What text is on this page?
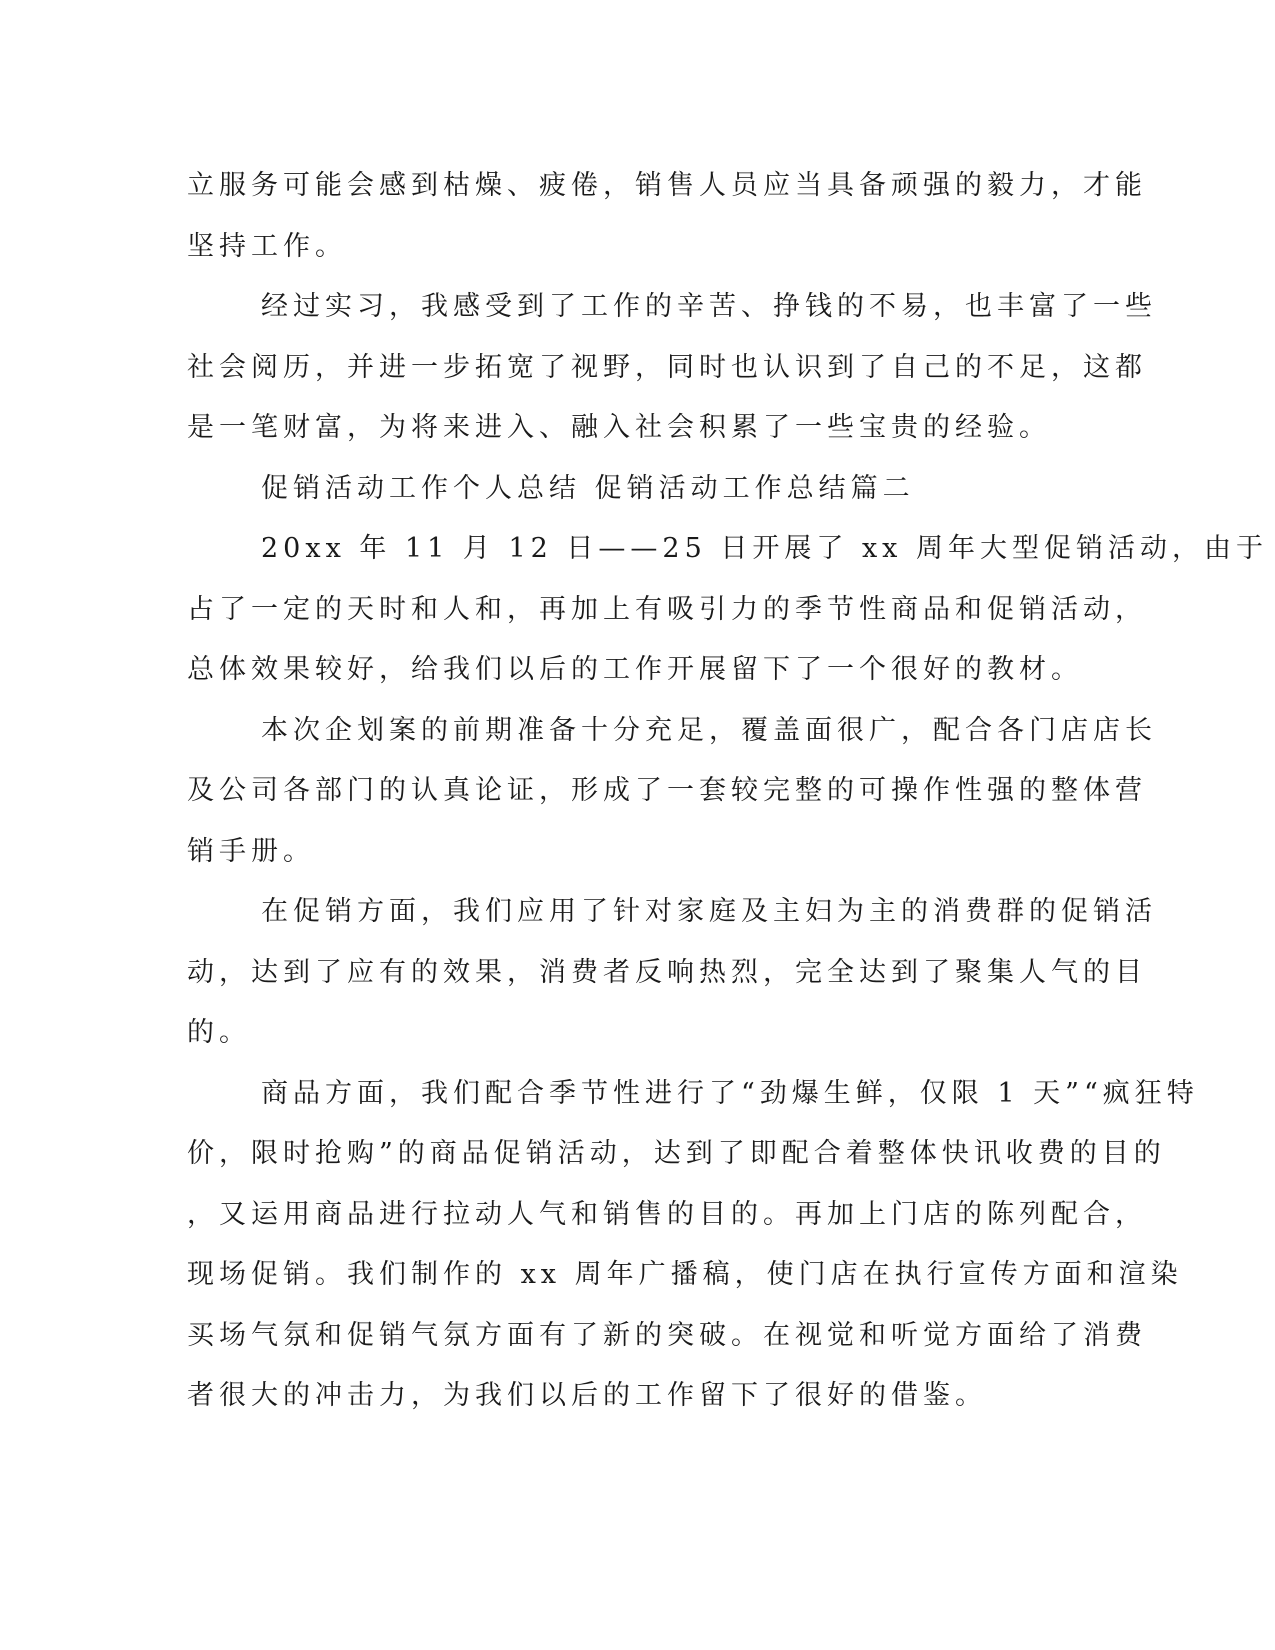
立服务可能会感到枯燥、疲倦，销售人员应当具备顽强的毅力，才能
坚持工作。
经过实习，我感受到了工作的辛苦、挣钱的不易，也丰富了一些
社会阅历，并进一步拓宽了视野，同时也认识到了自己的不足，这都
是一笔财富，为将来进入、融入社会积累了一些宝贵的经验。
促销活动工作个人总结 促销活动工作总结篇二
20xx 年 11 月 12 日——25 日开展了 xx 周年大型促销活动，由于
占了一定的天时和人和，再加上有吸引力的季节性商品和促销活动，
总体效果较好，给我们以后的工作开展留下了一个很好的教材。
本次企划案的前期准备十分充足，覆盖面很广，配合各门店店长
及公司各部门的认真论证，形成了一套较完整的可操作性强的整体营
销手册。
在促销方面，我们应用了针对家庭及主妇为主的消费群的促销活
动，达到了应有的效果，消费者反响热烈，完全达到了聚集人气的目
的。
商品方面，我们配合季节性进行了“劲爆生鲜，仅限 1 天”“疯狂特
价，限时抢购”的商品促销活动，达到了即配合着整体快讯收费的目的
，又运用商品进行拉动人气和销售的目的。再加上门店的陈列配合，
现场促销。我们制作的 xx 周年广播稿，使门店在执行宣传方面和渲染
买场气氛和促销气氛方面有了新的突破。在视觉和听觉方面给了消费
者很大的冲击力，为我们以后的工作留下了很好的借鉴。
